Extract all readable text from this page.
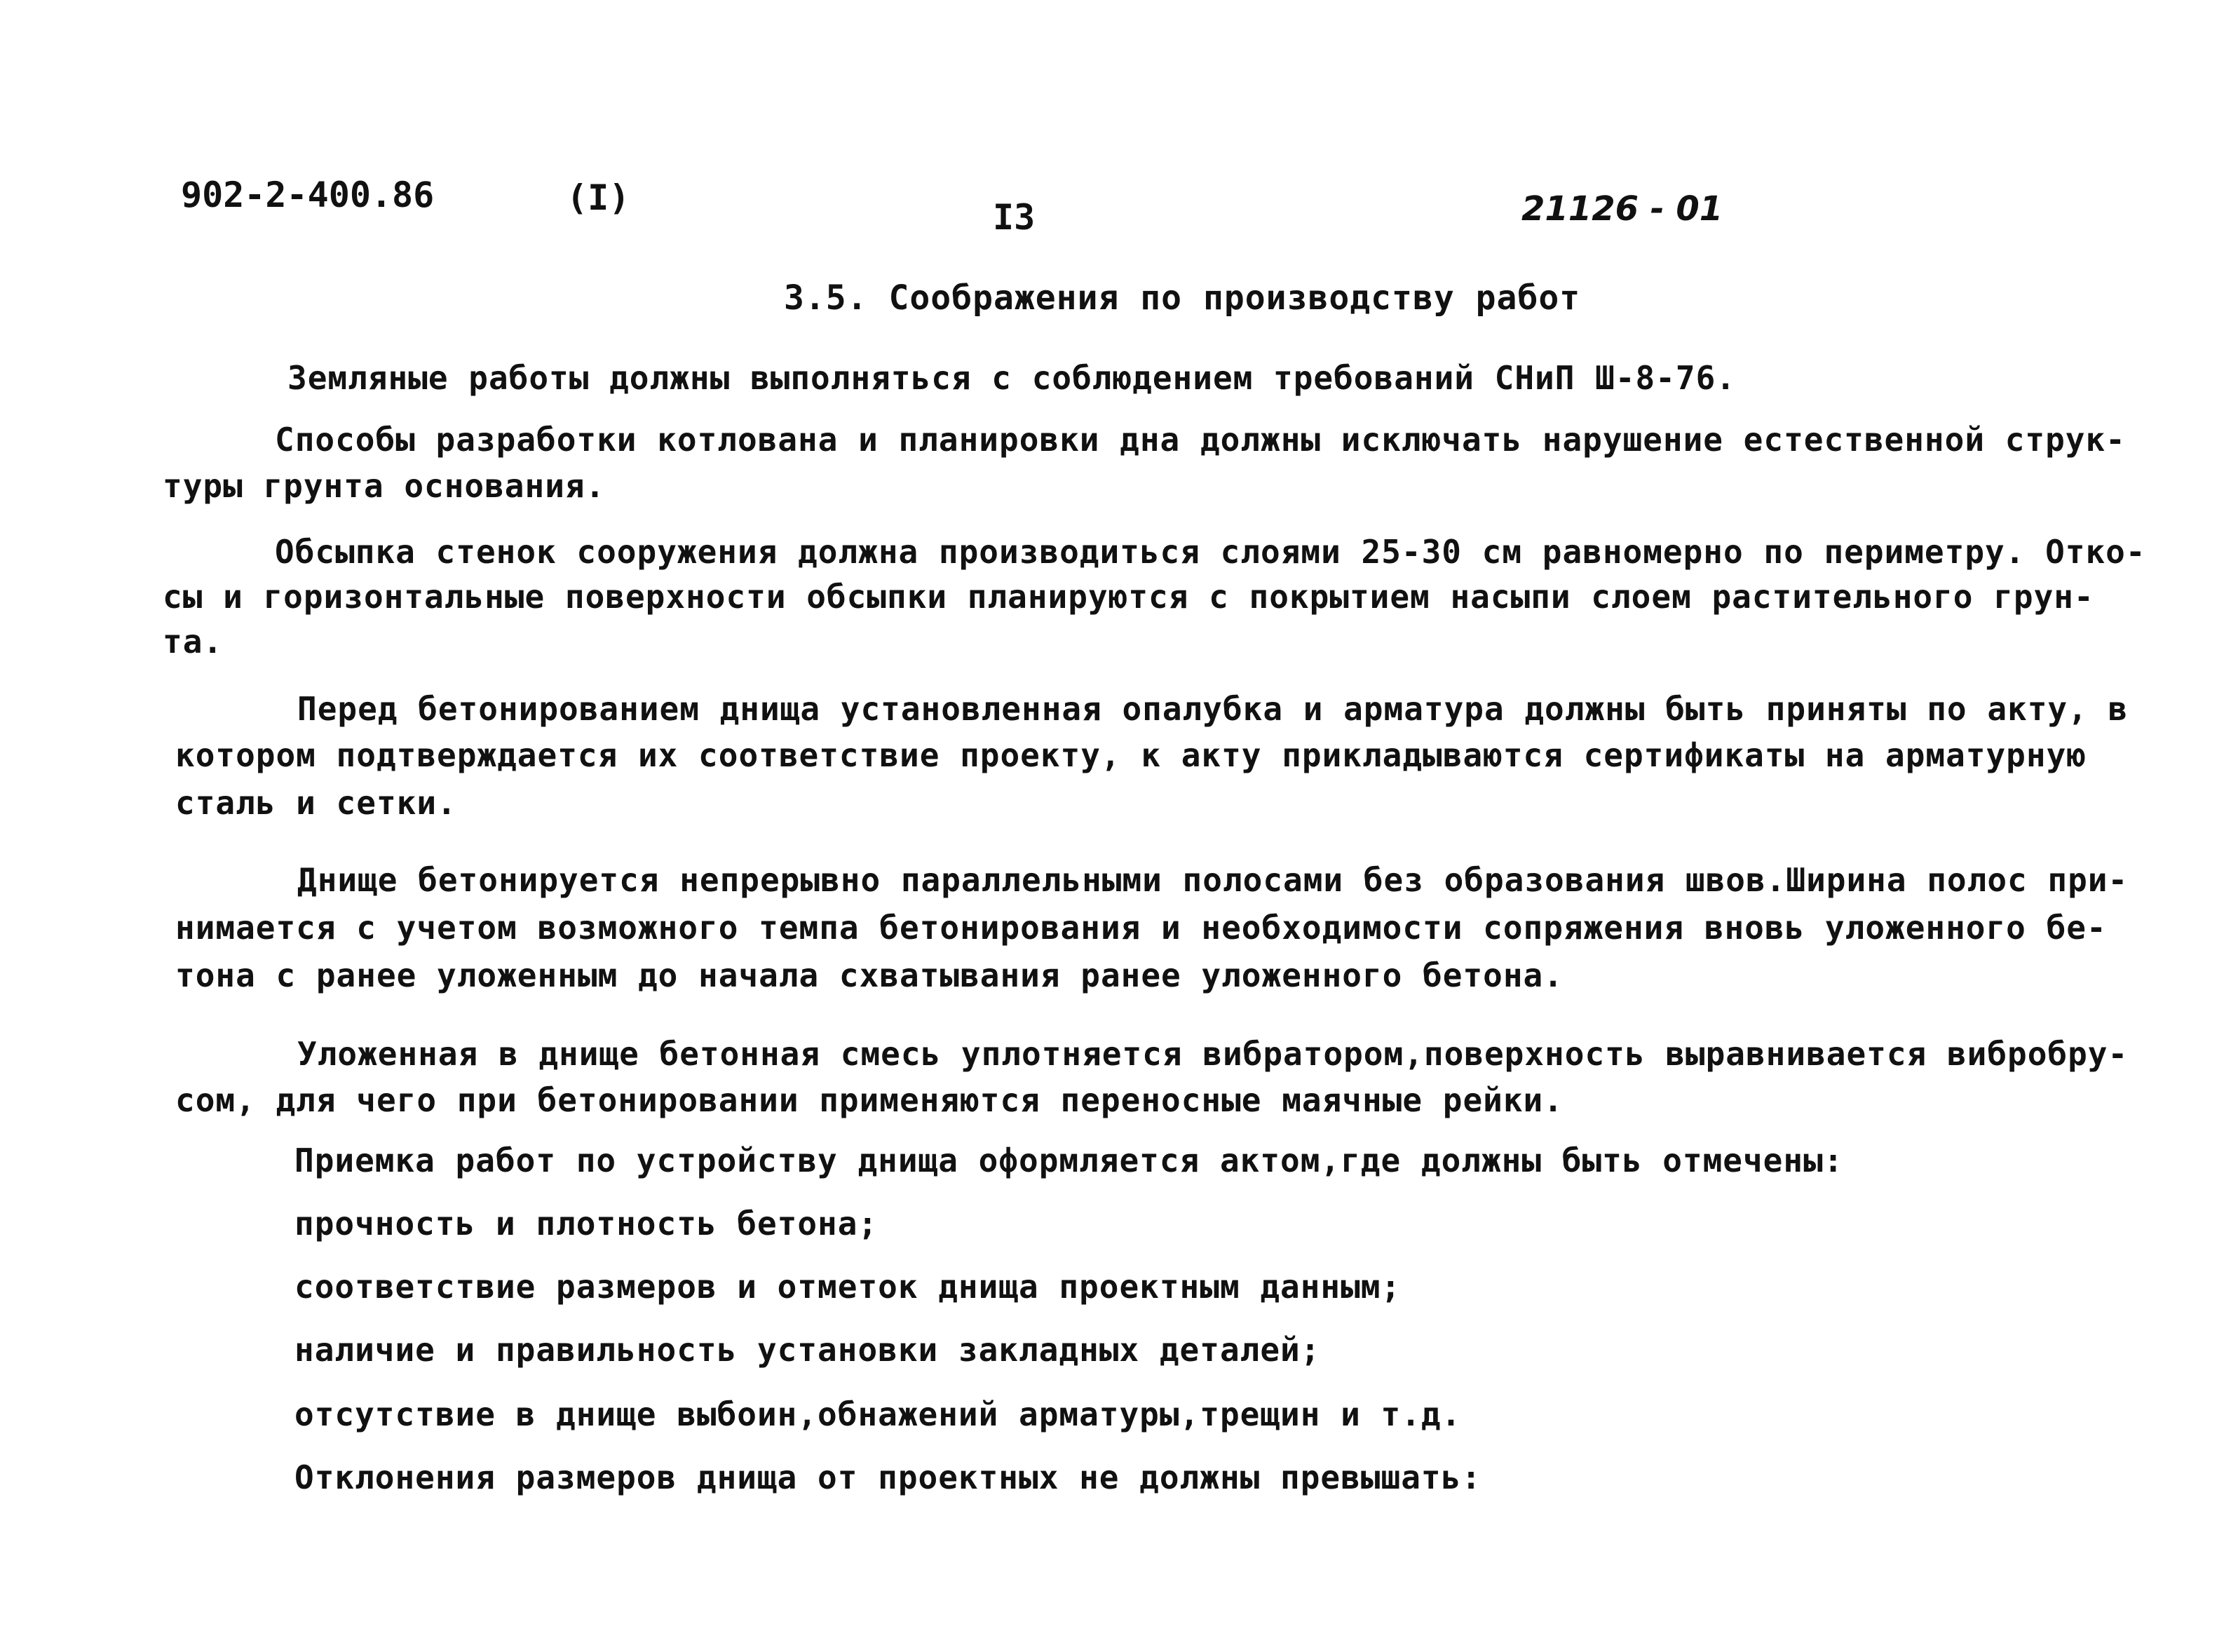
902-2-400.86	(I)	I3	21126 - 01
3.5. Соображения по производству работ
Земляные работы должны выполняться с соблюдением требований СНиП Ш-8-76.
Способы разработки котлована и планировки дна должны исключать нарушение естественной струк-
туры грунта основания.
Обсыпка стенок сооружения должна производиться слоями 25-30 см равномерно по периметру. Отко-
сы и горизонтальные поверхности обсыпки планируются с покрытием насыпи слоем растительного грун-
та.
Перед бетонированием днища установленная опалубка и арматура должны быть приняты по акту, в
котором подтверждается их соответствие проекту, к акту прикладываются сертификаты на арматурную
сталь и сетки.
Днище бетонируется непрерывно параллельными полосами без образования швов.Ширина полос при-
нимается с учетом возможного темпа бетонирования и необходимости сопряжения вновь уложенного бе-
тона с ранее уложенным до начала схватывания ранее уложенного бетона.
Уложенная в днище бетонная смесь уплотняется вибратором,поверхность выравнивается вибробру-
сом, для чего при бетонировании применяются переносные маячные рейки.
Приемка работ по устройству днища оформляется актом,где должны быть отмечены:
прочность и плотность бетона;
соответствие размеров и отметок днища проектным данным;
наличие и правильность установки закладных деталей;
отсутствие в днище выбоин,обнажений арматуры,трещин и т.д.
Отклонения размеров днища от проектных не должны превышать:
